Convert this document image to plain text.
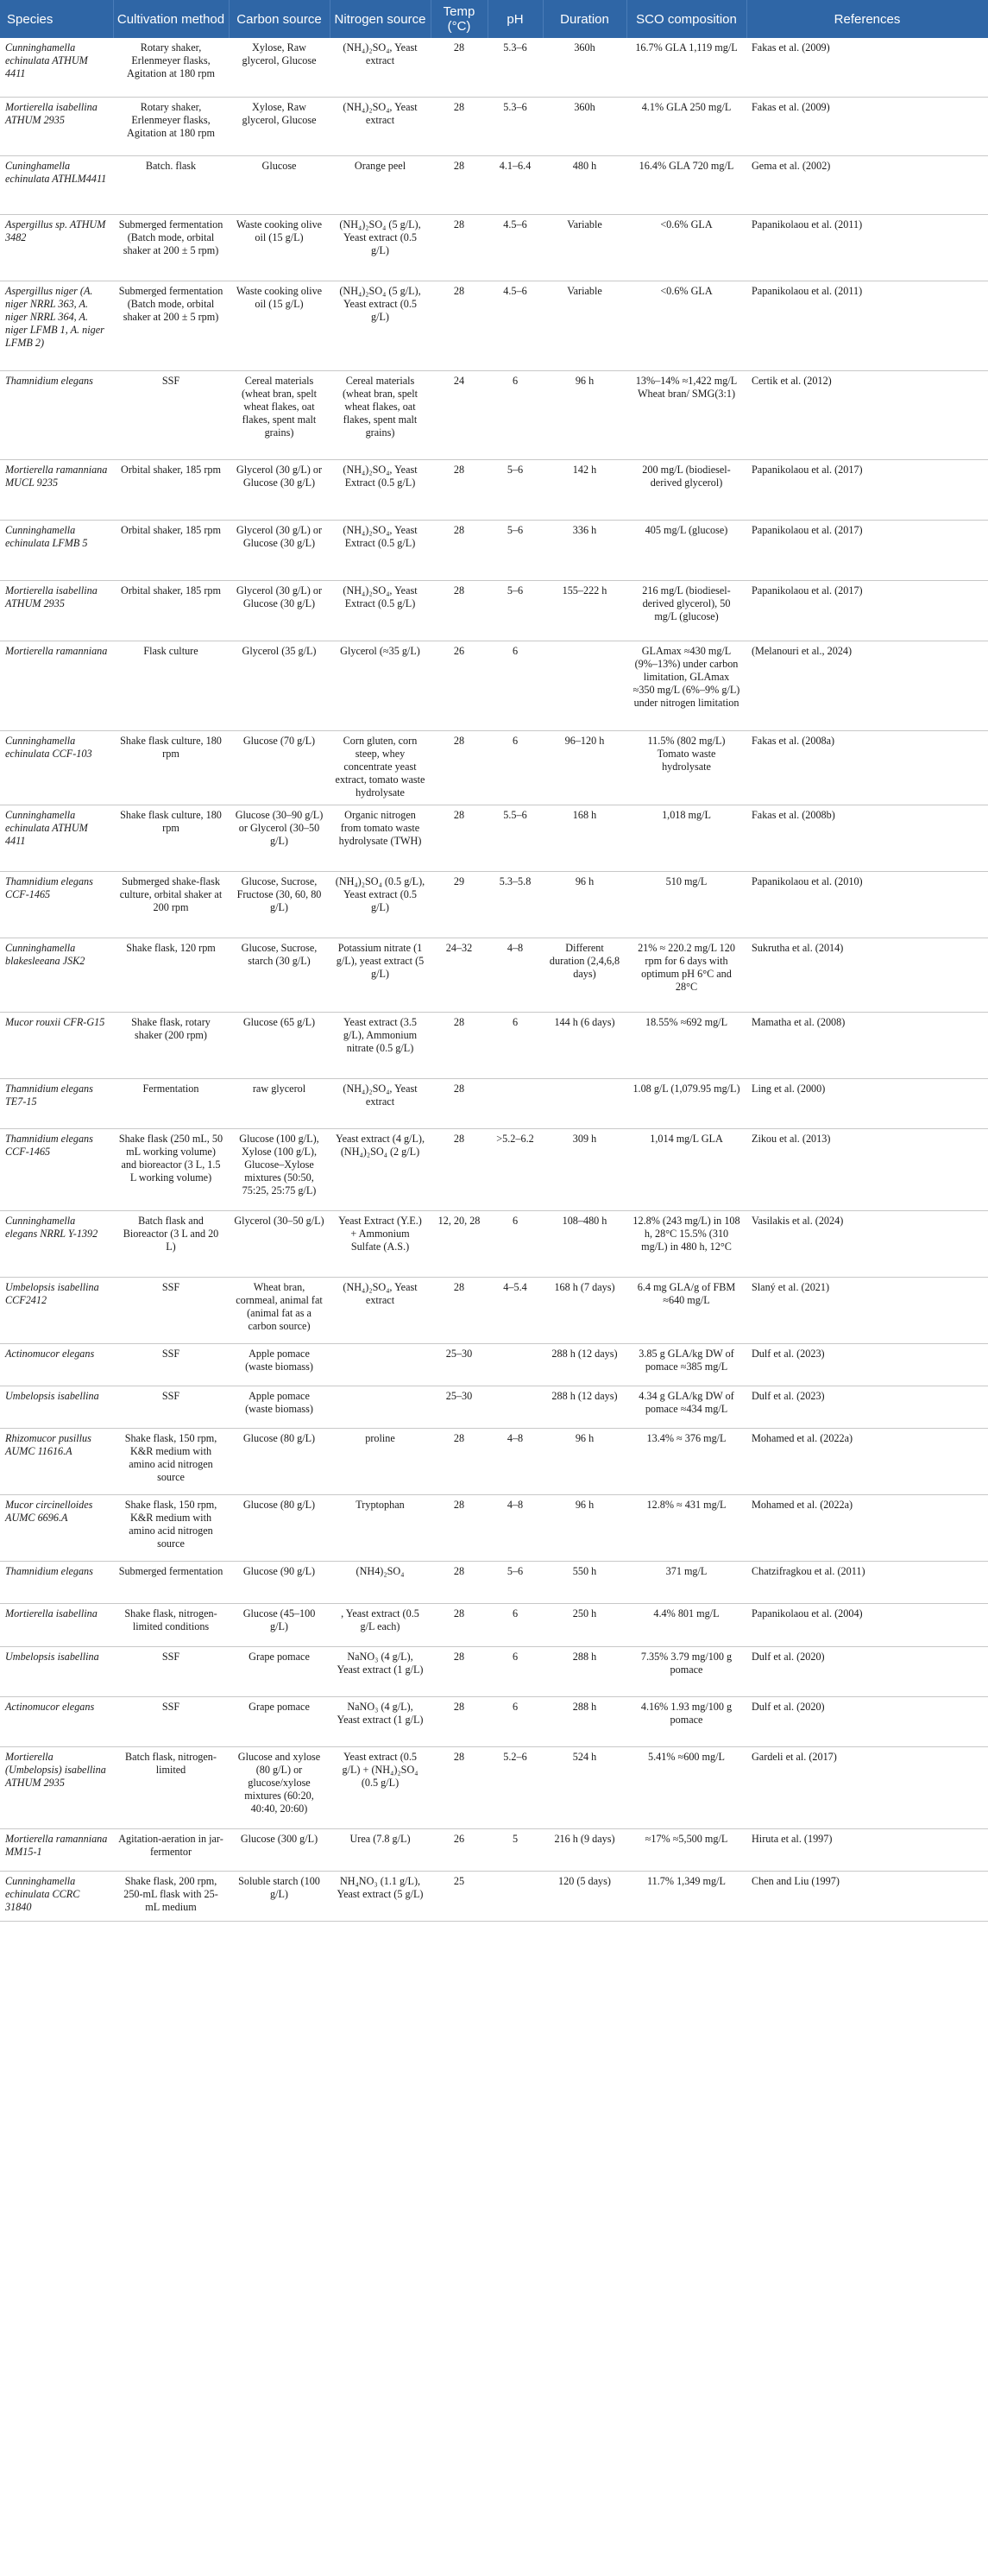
Species	Cultivation method	Carbon source	Nitrogen source	Temp (°C)	pH	Duration	SCO composition	References
Cunninghamella echinulata ATHUM 4411	Rotary shaker, Erlenmeyer flasks, Agitation at 180 rpm	Xylose, Raw glycerol, Glucose	(NH₄)₂SO₄, Yeast extract	28	5.3–6	360h	16.7% GLA 1,119 mg/L	Fakas et al. (2009)
Mortierella isabellina ATHUM 2935	Rotary shaker, Erlenmeyer flasks, Agitation at 180 rpm	Xylose, Raw glycerol, Glucose	(NH₄)₂SO₄, Yeast extract	28	5.3–6	360h	4.1% GLA 250 mg/L	Fakas et al. (2009)
Cuninghamella echinulata ATHLM4411	Batch. flask	Glucose	Orange peel	28	4.1–6.4	480 h	16.4% GLA 720 mg/L	Gema et al. (2002)
Aspergillus sp. ATHUM 3482	Submerged fermentation (Batch mode, orbital shaker at 200 ± 5 rpm)	Waste cooking olive oil (15 g/L)	(NH₄)₂SO₄ (5 g/L), Yeast extract (0.5 g/L)	28	4.5–6	Variable	<0.6% GLA	Papanikolaou et al. (2011)
Aspergillus niger (A. niger NRRL 363, A. niger NRRL 364, A. niger LFMB 1, A. niger LFMB 2)	Submerged fermentation (Batch mode, orbital shaker at 200 ± 5 rpm)	Waste cooking olive oil (15 g/L)	(NH₄)₂SO₄ (5 g/L), Yeast extract (0.5 g/L)	28	4.5–6	Variable	<0.6% GLA	Papanikolaou et al. (2011)
Thamnidium elegans	SSF	Cereal materials (wheat bran, spelt wheat flakes, oat flakes, spent malt grains)	Cereal materials (wheat bran, spelt wheat flakes, oat flakes, spent malt grains)	24	6	96 h	13%–14% ≈1,422 mg/L Wheat bran/ SMG(3:1)	Certik et al. (2012)
Mortierella ramanniana MUCL 9235	Orbital shaker, 185 rpm	Glycerol (30 g/L) or Glucose (30 g/L)	(NH₄)₂SO₄, Yeast Extract (0.5 g/L)	28	5–6	142 h	200 mg/L (biodiesel-derived glycerol)	Papanikolaou et al. (2017)
Cunninghamella echinulata LFMB 5	Orbital shaker, 185 rpm	Glycerol (30 g/L) or Glucose (30 g/L)	(NH₄)₂SO₄, Yeast Extract (0.5 g/L)	28	5–6	336 h	405 mg/L (glucose)	Papanikolaou et al. (2017)
Mortierella isabellina ATHUM 2935	Orbital shaker, 185 rpm	Glycerol (30 g/L) or Glucose (30 g/L)	(NH₄)₂SO₄, Yeast Extract (0.5 g/L)	28	5–6	155–222 h	216 mg/L (biodiesel-derived glycerol), 50 mg/L (glucose)	Papanikolaou et al. (2017)
Mortierella ramanniana	Flask culture	Glycerol (35 g/L)	Glycerol (≈35 g/L)	26	6		GLAmax ≈430 mg/L (9%–13%) under carbon limitation, GLAmax ≈350 mg/L (6%–9% g/L) under nitrogen limitation	(Melanouri et al., 2024)
Cunninghamella echinulata CCF-103	Shake flask culture, 180 rpm	Glucose (70 g/L)	Corn gluten, corn steep, whey concentrate yeast extract, tomato waste hydrolysate	28	6	96–120 h	11.5% (802 mg/L) Tomato waste hydrolysate	Fakas et al. (2008a)
Cunninghamella echinulata ATHUM 4411	Shake flask culture, 180 rpm	Glucose (30–90 g/L) or Glycerol (30–50 g/L)	Organic nitrogen from tomato waste hydrolysate (TWH)	28	5.5–6	168 h	1,018 mg/L	Fakas et al. (2008b)
Thamnidium elegans CCF-1465	Submerged shake-flask culture, orbital shaker at 200 rpm	Glucose, Sucrose, Fructose (30, 60, 80 g/L)	(NH₄)₂SO₄ (0.5 g/L), Yeast extract (0.5 g/L)	29	5.3–5.8	96 h	510 mg/L	Papanikolaou et al. (2010)
Cunninghamella blakesleeana JSK2	Shake flask, 120 rpm	Glucose, Sucrose, starch (30 g/L)	Potassium nitrate (1 g/L), yeast extract (5 g/L)	24–32	4–8	Different duration (2,4,6,8 days)	21% ≈ 220.2 mg/L 120 rpm for 6 days with optimum pH 6°C and 28°C	Sukrutha et al. (2014)
Mucor rouxii CFR-G15	Shake flask, rotary shaker (200 rpm)	Glucose (65 g/L)	Yeast extract (3.5 g/L), Ammonium nitrate (0.5 g/L)	28	6	144 h (6 days)	18.55% ≈692 mg/L	Mamatha et al. (2008)
Thamnidium elegans TE7-15	Fermentation	raw glycerol	(NH₄)₂SO₄, Yeast extract	28			1.08 g/L (1,079.95 mg/L)	Ling et al. (2000)
Thamnidium elegans CCF-1465	Shake flask (250 mL, 50 mL working volume) and bioreactor (3 L, 1.5 L working volume)	Glucose (100 g/L), Xylose (100 g/L), Glucose–Xylose mixtures (50:50, 75:25, 25:75 g/L)	Yeast extract (4 g/L), (NH₄)₂SO₄ (2 g/L)	28	>5.2–6.2	309 h	1,014 mg/L GLA	Zikou et al. (2013)
Cunninghamella elegans NRRL Y-1392	Batch flask and Bioreactor (3 L and 20 L)	Glycerol (30–50 g/L)	Yeast Extract (Y.E.) + Ammonium Sulfate (A.S.)	12, 20, 28	6	108–480 h	12.8% (243 mg/L) in 108 h, 28°C 15.5% (310 mg/L) in 480 h, 12°C	Vasilakis et al. (2024)
Umbelopsis isabellina CCF2412	SSF	Wheat bran, cornmeal, animal fat (animal fat as a carbon source)	(NH₄)₂SO₄, Yeast extract	28	4–5.4	168 h (7 days)	6.4 mg GLA/g of FBM ≈640 mg/L	Slaný et al. (2021)
Actinomucor elegans	SSF	Apple pomace (waste biomass)		25–30		288 h (12 days)	3.85 g GLA/kg DW of pomace ≈385 mg/L	Dulf et al. (2023)
Umbelopsis isabellina	SSF	Apple pomace (waste biomass)		25–30		288 h (12 days)	4.34 g GLA/kg DW of pomace ≈434 mg/L	Dulf et al. (2023)
Rhizomucor pusillus AUMC 11616.A	Shake flask, 150 rpm, K&R medium with amino acid nitrogen source	Glucose (80 g/L)	proline	28	4–8	96 h	13.4% ≈ 376 mg/L	Mohamed et al. (2022a)
Mucor circinelloides AUMC 6696.A	Shake flask, 150 rpm, K&R medium with amino acid nitrogen source	Glucose (80 g/L)	Tryptophan	28	4–8	96 h	12.8% ≈ 431 mg/L	Mohamed et al. (2022a)
Thamnidium elegans	Submerged fermentation	Glucose (90 g/L)	(NH4)₂SO₄	28	5–6	550 h	371 mg/L	Chatzifragkou et al. (2011)
Mortierella isabellina	Shake flask, nitrogen-limited conditions	Glucose (45–100 g/L)	, Yeast extract (0.5 g/L each)	28	6	250 h	4.4% 801 mg/L	Papanikolaou et al. (2004)
Umbelopsis isabellina	SSF	Grape pomace	NaNO₃ (4 g/L), Yeast extract (1 g/L)	28	6	288 h	7.35% 3.79 mg/100 g pomace	Dulf et al. (2020)
Actinomucor elegans	SSF	Grape pomace	NaNO₃ (4 g/L), Yeast extract (1 g/L)	28	6	288 h	4.16% 1.93 mg/100 g pomace	Dulf et al. (2020)
Mortierella (Umbelopsis) isabellina ATHUM 2935	Batch flask, nitrogen-limited	Glucose and xylose (80 g/L) or glucose/xylose mixtures (60:20, 40:40, 20:60)	Yeast extract (0.5 g/L) + (NH₄)₂SO₄ (0.5 g/L)	28	5.2–6	524 h	5.41% ≈600 mg/L	Gardeli et al. (2017)
Mortierella ramanniana MM15-1	Agitation-aeration in jar-fermentor	Glucose (300 g/L)	Urea (7.8 g/L)	26	5	216 h (9 days)	≈17% ≈5,500 mg/L	Hiruta et al. (1997)
Cunninghamella echinulata CCRC 31840	Shake flask, 200 rpm, 250-mL flask with 25-mL medium	Soluble starch (100 g/L)	NH₄NO₃ (1.1 g/L), Yeast extract (5 g/L)	25		120 (5 days)	11.7% 1,349 mg/L	Chen and Liu (1997)
